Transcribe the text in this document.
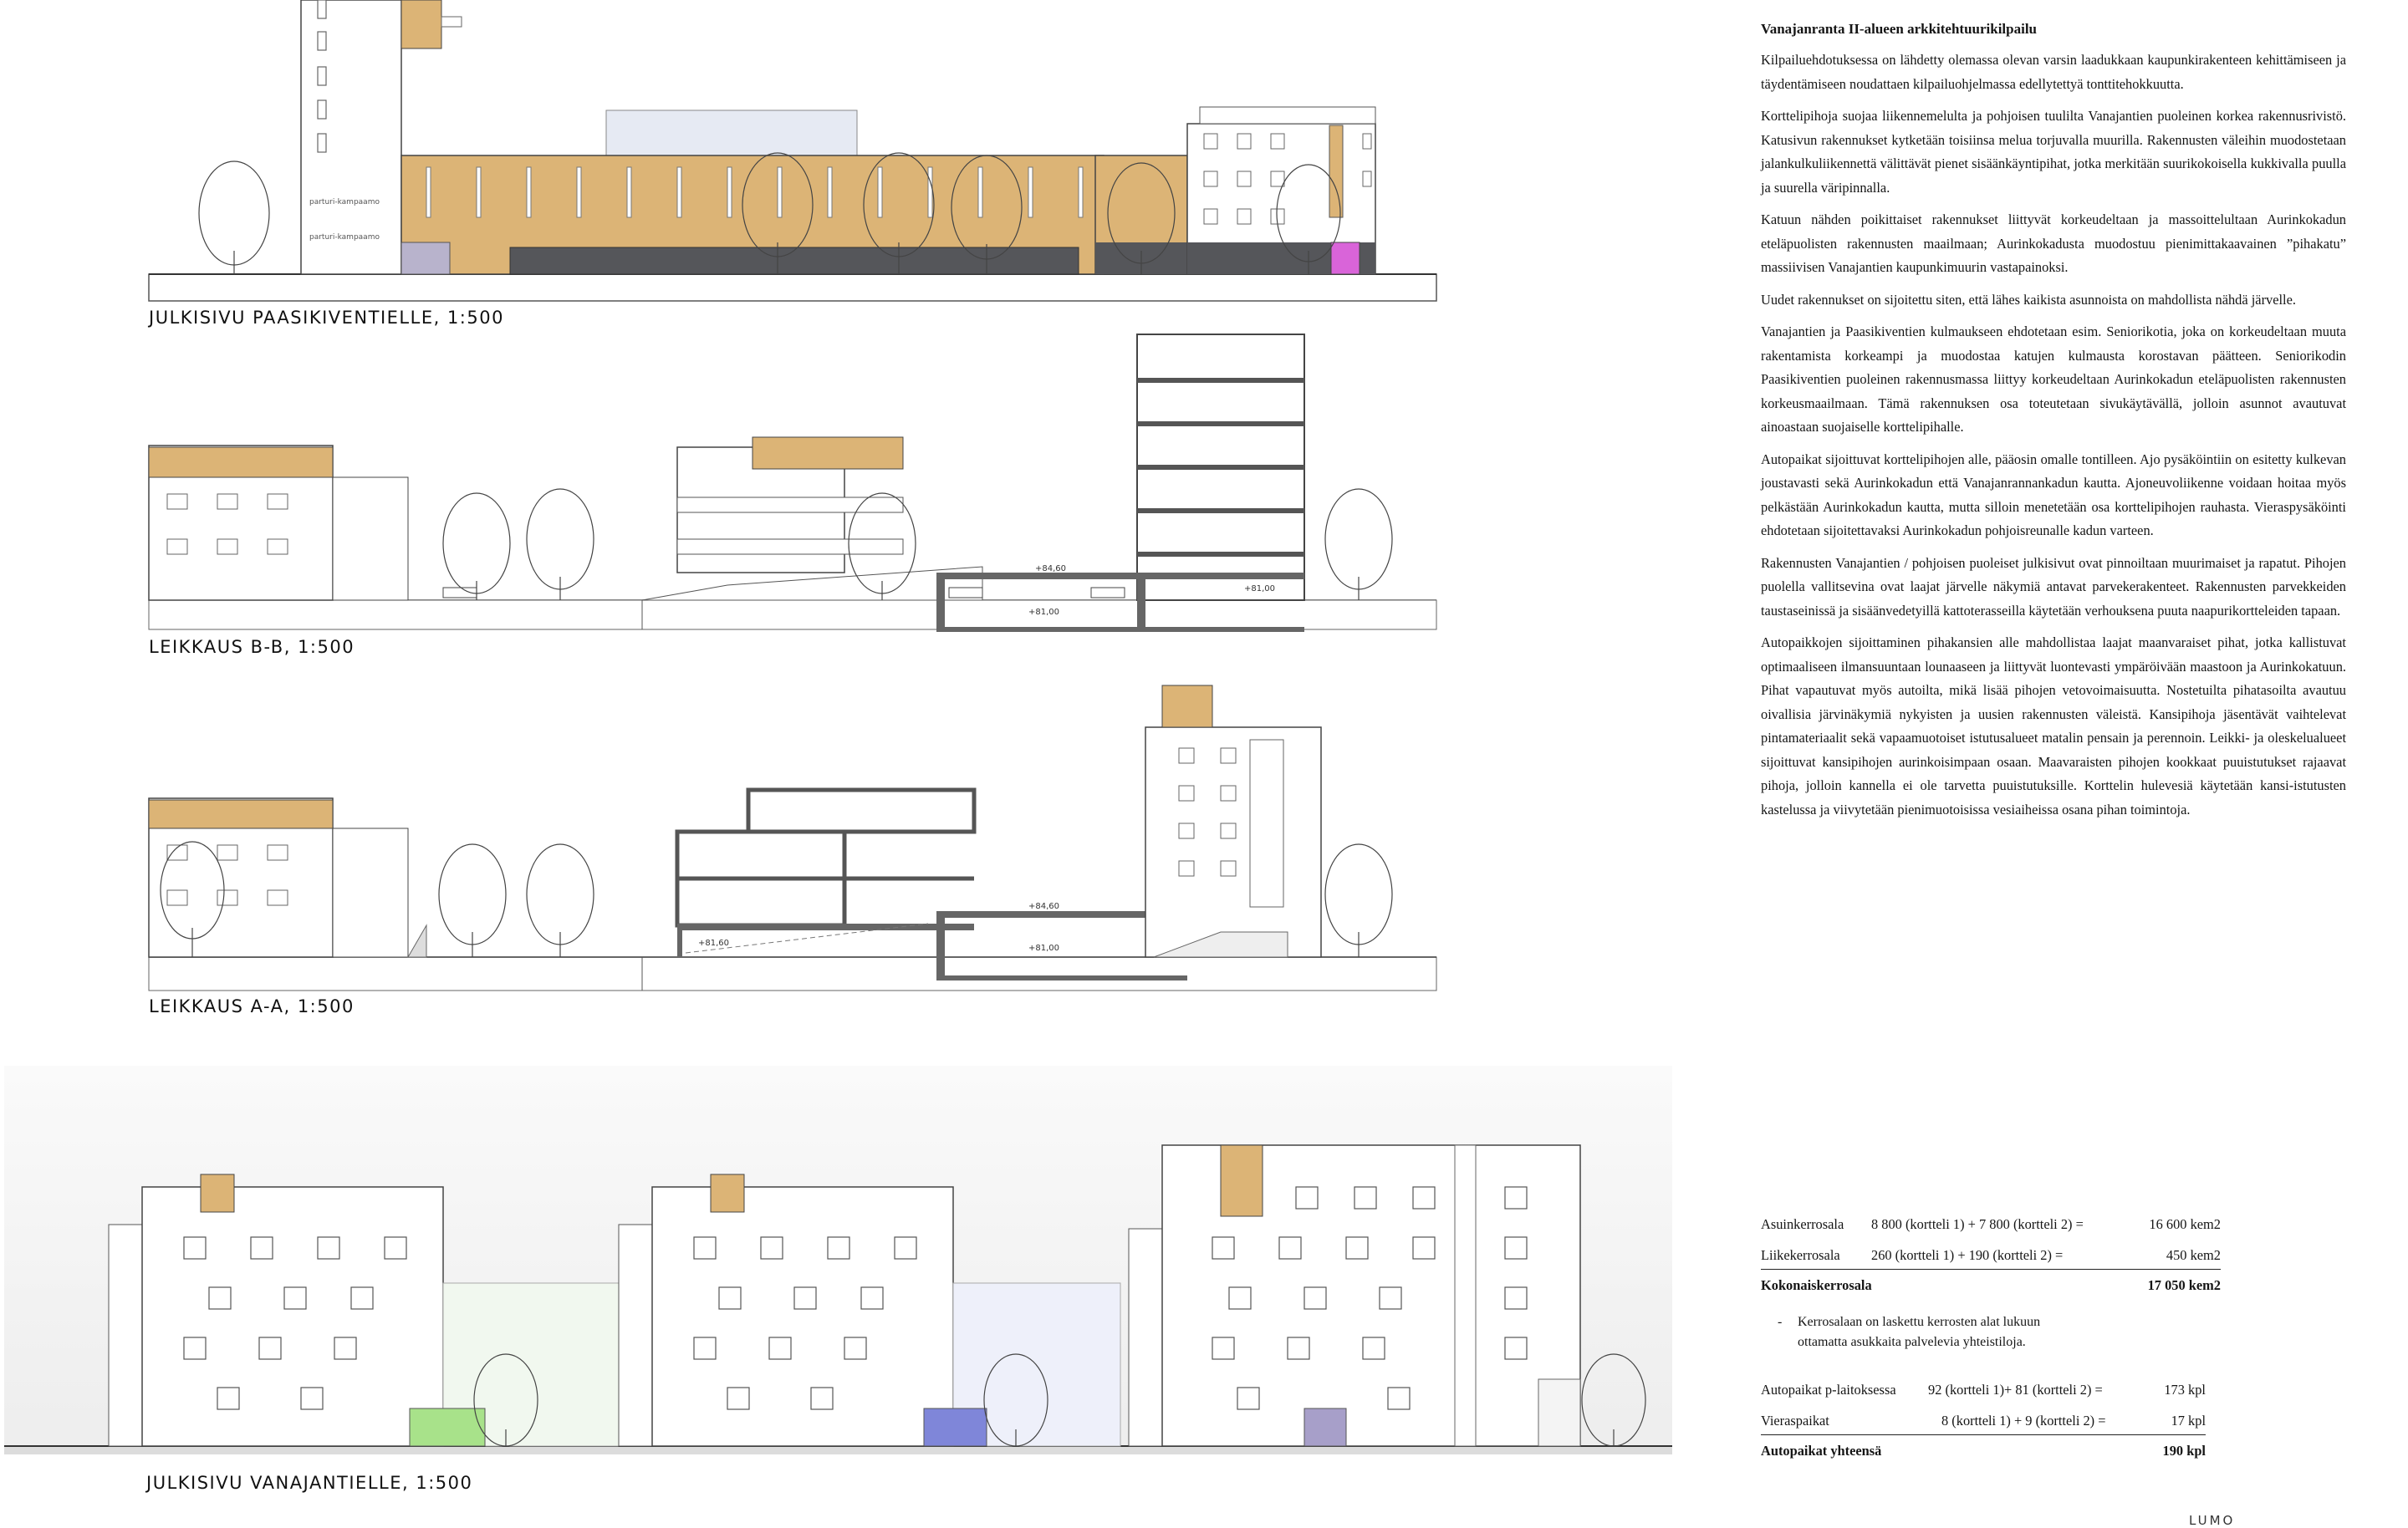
parturi-kampaamo
parturi-kampaamo
JULKISIVU PAASIKIVENTIELLE, 1:500
+84,60
+81,00
+81,00
LEIKKAUS B-B, 1:500
+84,60
+81,00
+81,60
LEIKKAUS A-A, 1:500
JULKISIVU VANAJANTIELLE, 1:500
Vanajanranta II-alueen arkkitehtuurikilpailu

Kilpailuehdotuksessa on lähdetty olemassa olevan varsin laadukkaan kaupunkirakenteen kehittämiseen ja täydentämiseen noudattaen kilpailuohjelmassa edellytettyä tonttitehokkuutta.

Korttelipihoja suojaa liikennemelulta ja pohjoisen tuulilta Vanajantien puoleinen korkea rakennusrivistö. Katusivun rakennukset kytketään toisiinsa melua torjuvalla muurilla. Rakennusten väleihin muodostetaan jalankulkuliikennettä välittävät pienet sisäänkäyntipihat, jotka merkitään suurikokoisella kukkivalla puulla ja suurella väripinnalla.

Katuun nähden poikittaiset rakennukset liittyvät korkeudeltaan ja massoittelultaan Aurinkokadun eteläpuolisten rakennusten maailmaan; Aurinkokadusta muodostuu pienimittakaavainen ”pihakatu” massiivisen Vanajantien kaupunkimuurin vastapainoksi.

Uudet rakennukset on sijoitettu siten, että lähes kaikista asunnoista on mahdollista nähdä järvelle.

Vanajantien ja Paasikiventien kulmaukseen ehdotetaan esim. Seniorikotia, joka on korkeudeltaan muuta rakentamista korkeampi ja muodostaa katujen kulmausta korostavan päätteen. Seniorikodin Paasikiventien puoleinen rakennusmassa liittyy korkeudeltaan Aurinkokadun eteläpuolisten rakennusten korkeusmaailmaan. Tämä rakennuksen osa toteutetaan sivukäytävällä, jolloin asunnot avautuvat ainoastaan suojaiselle korttelipihalle.

Autopaikat sijoittuvat korttelipihojen alle, pääosin omalle tontilleen. Ajo pysäköintiin on esitetty kulkevan joustavasti sekä Aurinkokadun että Vanajanrannankadun kautta. Ajoneuvoliikenne voidaan hoitaa myös pelkästään Aurinkokadun kautta, mutta silloin menetetään osa korttelipihojen rauhasta. Vieraspysäköinti ehdotetaan sijoitettavaksi Aurinkokadun pohjoisreunalle kadun varteen.

Rakennusten Vanajantien / pohjoisen puoleiset julkisivut ovat pinnoiltaan muurimaiset ja rapatut. Pihojen puolella vallitsevina ovat laajat järvelle näkymiä antavat parvekerakenteet. Rakennusten parvekkeiden taustaseinissä ja sisäänvedetyillä kattoterasseilla käytetään verhouksena puuta naapurikortteleiden tapaan.

Autopaikkojen sijoittaminen pihakansien alle mahdollistaa laajat maanvaraiset pihat, jotka kallistuvat optimaaliseen ilmansuuntaan lounaaseen ja liittyvät luontevasti ympäröivään maastoon ja Aurinkokatuun. Pihat vapautuvat myös autoilta, mikä lisää pihojen vetovoimaisuutta. Nostetuilta pihatasoilta avautuu oivallisia järvinäkymiä nykyisten ja uusien rakennusten väleistä. Kansipihoja jäsentävät vaihtelevat pintamateriaalit sekä vapaamuotoiset istutusalueet matalin pensain ja perennoin. Leikki- ja oleskelualueet sijoittuvat kansipihojen aurinkoisimpaan osaan. Maavaraisten pihojen kookkaat puuistutukset rajaavat pihoja, jolloin kannella ei ole tarvetta puuistutuksille. Korttelin hulevesiä käytetään kansi-istutusten kastelussa ja viivytetään pienimuotoisissa vesiaiheissa osana pihan toimintoja.

Asuinkerrosala 8 800 (kortteli 1) + 7 800 (kortteli 2) =	16 600 kem2
Liikekerrosala 260 (kortteli 1) + 190 (kortteli 2) =	450 kem2
Kokonaiskerrosala	17 050 kem2
- Kerrosalaan on laskettu kerrosten alat lukuun
ottamatta asukkaita palvelevia yhteistiloja.
Autopaikat p-laitoksessa 92 (kortteli 1)+ 81 (kortteli 2) =	173 kpl
Vieraspaikat	8 (kortteli 1) + 9 (kortteli 2) =	17 kpl
Autopaikat yhteensä	190 kpl
LUMO
